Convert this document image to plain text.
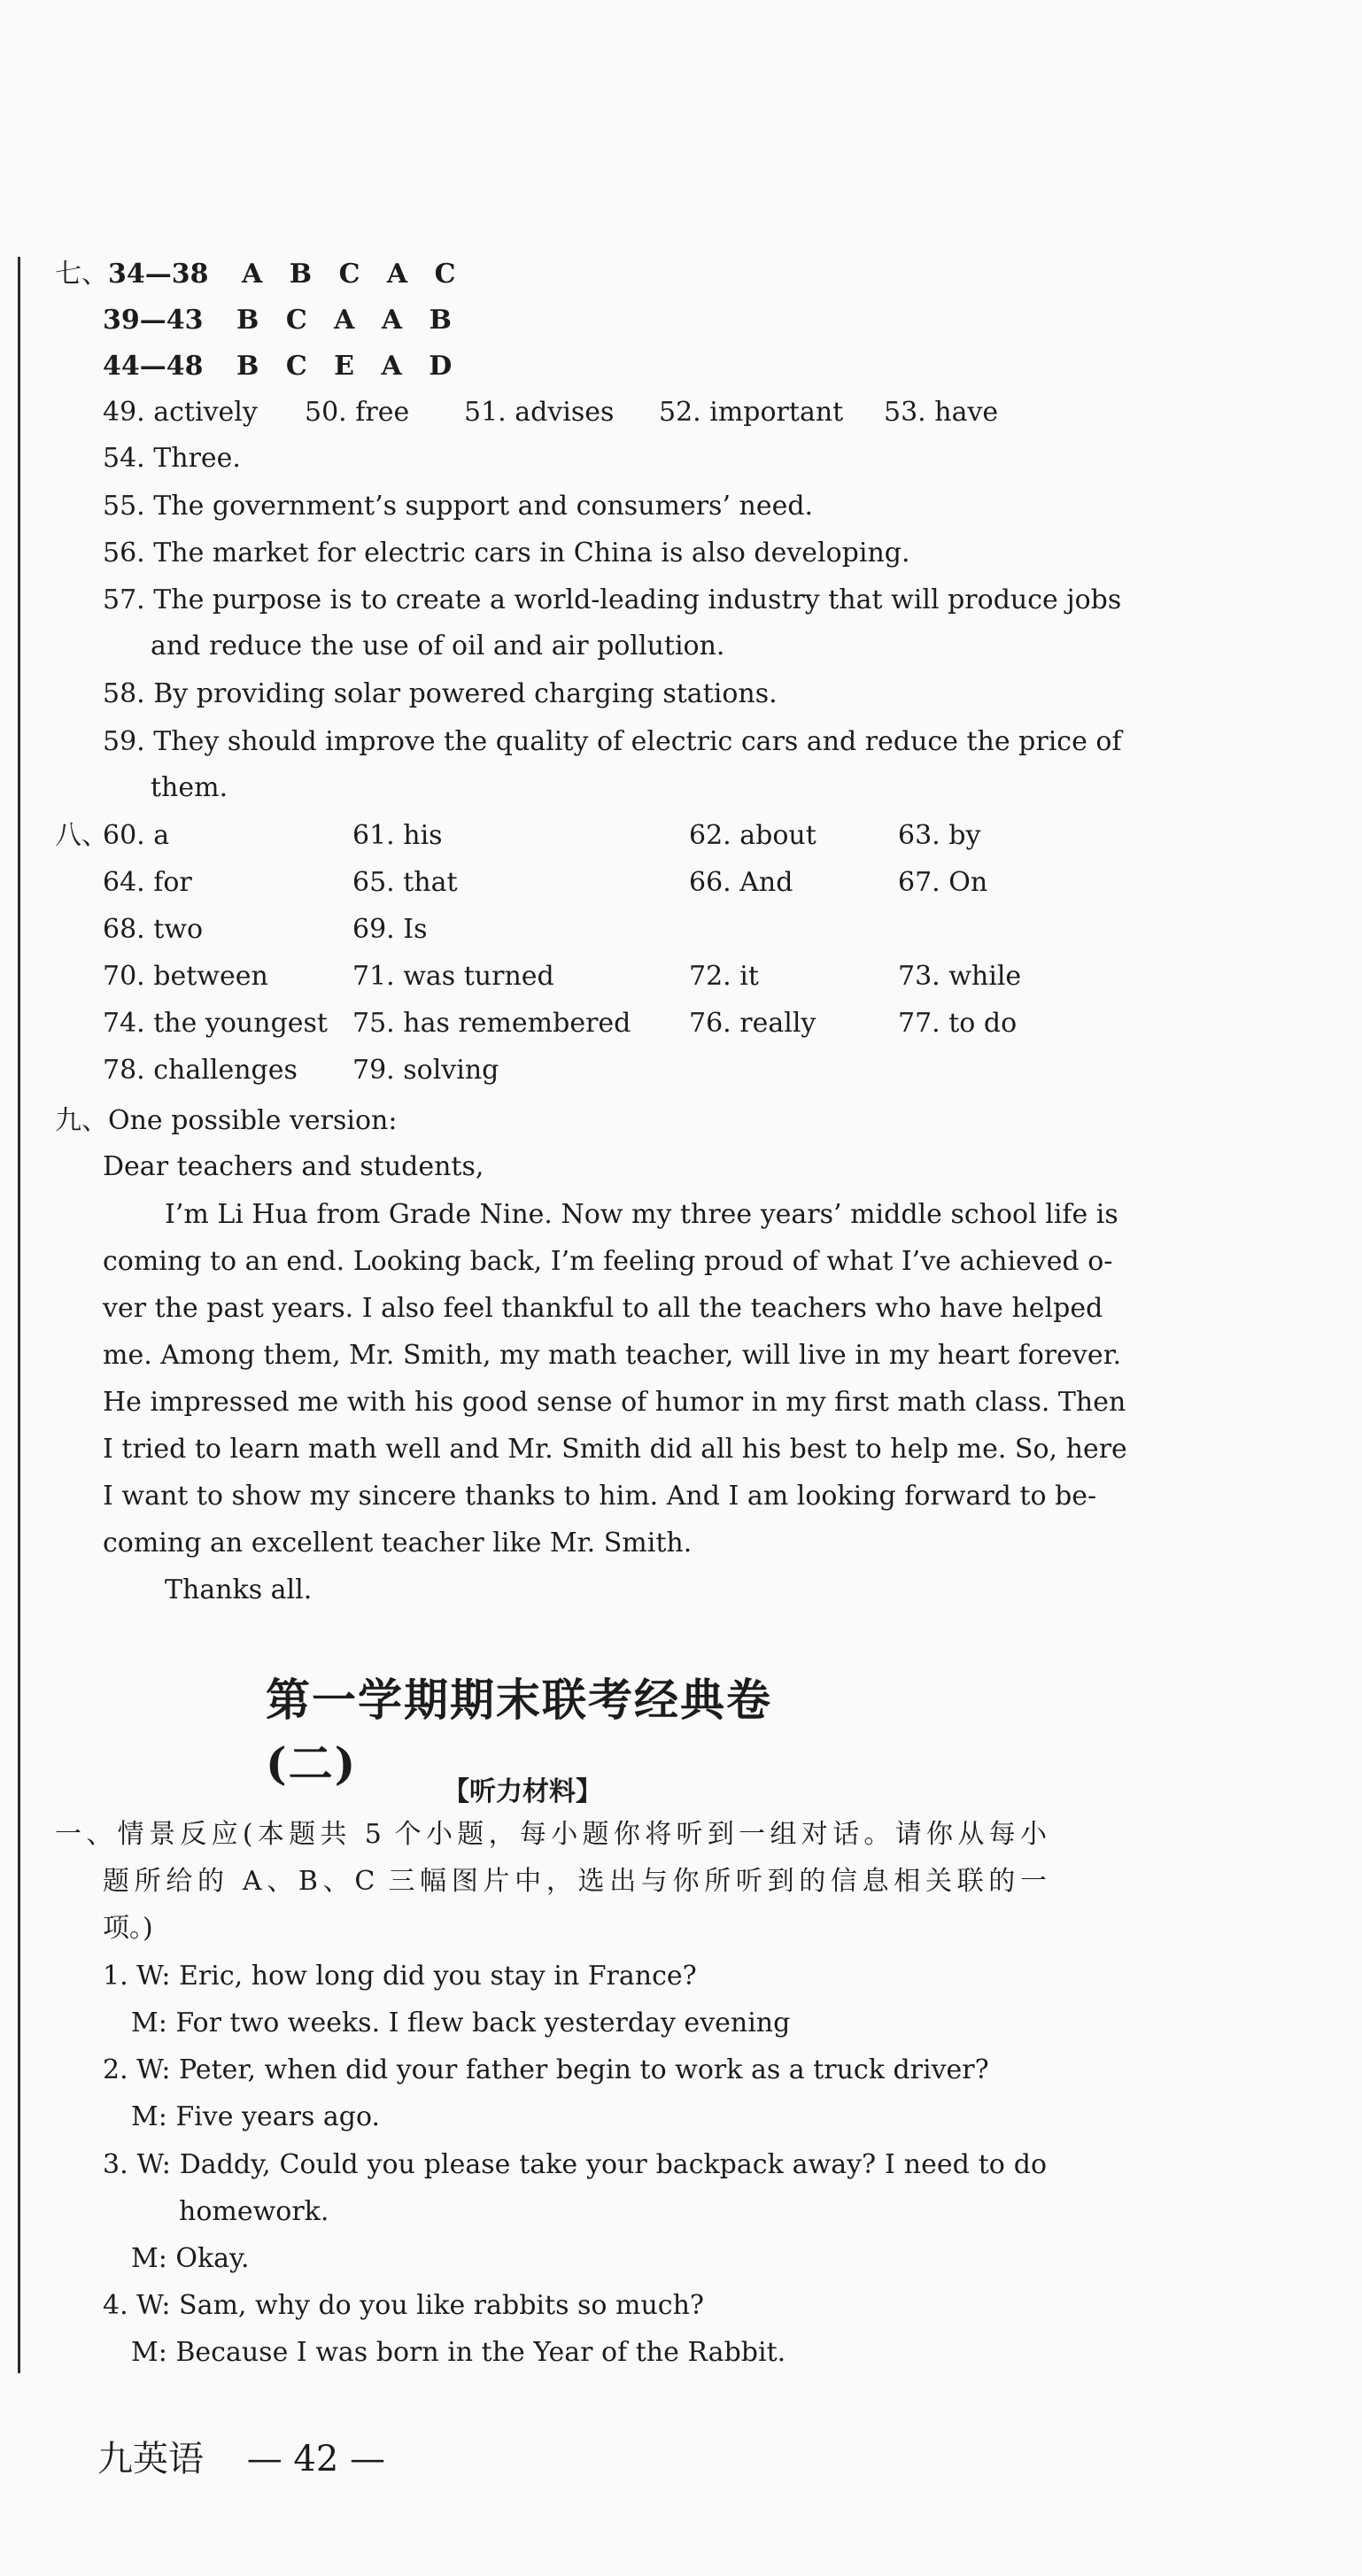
七、34—38 A B C A C
39—43 B C A A B
44—48 B C E A D
49. actively 50. free 51. advises 52. important 53. have
54. Three.
55. The government’s support and consumers’ need.
56. The market for electric cars in China is also developing.
57. The purpose is to create a world-leading industry that will produce jobs
and reduce the use of oil and air pollution.
58. By providing solar powered charging stations.
59. They should improve the quality of electric cars and reduce the price of
them.
八、
60. a	61. his	62. about	63. by
64. for	65. that	66. And	67. On
68. two	69. Is
70. between	71. was turned	72. it	73. while
74. the youngest 75. has remembered 76. really	77. to do
78. challenges 79. solving
九、One possible version:
Dear teachers and students,
I’m Li Hua from Grade Nine. Now my three years’ middle school life is
coming to an end. Looking back, I’m feeling proud of what I’ve achieved o-
ver the past years. I also feel thankful to all the teachers who have helped
me. Among them, Mr. Smith, my math teacher, will live in my heart forever.
He impressed me with his good sense of humor in my first math class. Then
I tried to learn math well and Mr. Smith did all his best to help me. So, here
I want to show my sincere thanks to him. And I am looking forward to be-
coming an excellent teacher like Mr. Smith.
Thanks all.
第一学期期末联考经典卷(二)
【听力材料】
一、情景反应(本题共 5 个小题，每小题你将听到一组对话。请你从每小
题所给的 A、B、C 三幅图片中，选出与你所听到的信息相关联的一
项。)
1. W: Eric, how long did you stay in France?
M: For two weeks. I flew back yesterday evening
2. W: Peter, when did your father begin to work as a truck driver?
M: Five years ago.
3. W: Daddy, Could you please take your backpack away? I need to do
homework.
M: Okay.
4. W: Sam, why do you like rabbits so much?
M: Because I was born in the Year of the Rabbit.
九英语 — 42 —
